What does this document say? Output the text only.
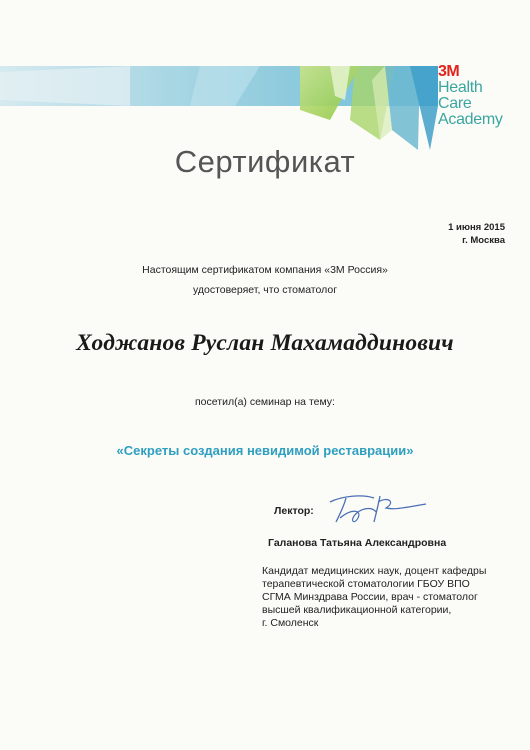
3M
Health
Care
Academy
Сертификат
1 июня 2015
г. Москва
Настоящим сертификатом компания «3М Россия»
удостоверяет, что стоматолог
Ходжанов Руслан Махамаддинович
посетил(а) семинар на тему:
«Секреты создания невидимой реставрации»
Лектор:
Галанова Татьяна Александровна
Кандидат медицинских наук, доцент кафедры
терапевтической стоматологии ГБОУ ВПО
СГМА Минздрава России, врач - стоматолог
высшей квалификационной категории,
г. Смоленск
